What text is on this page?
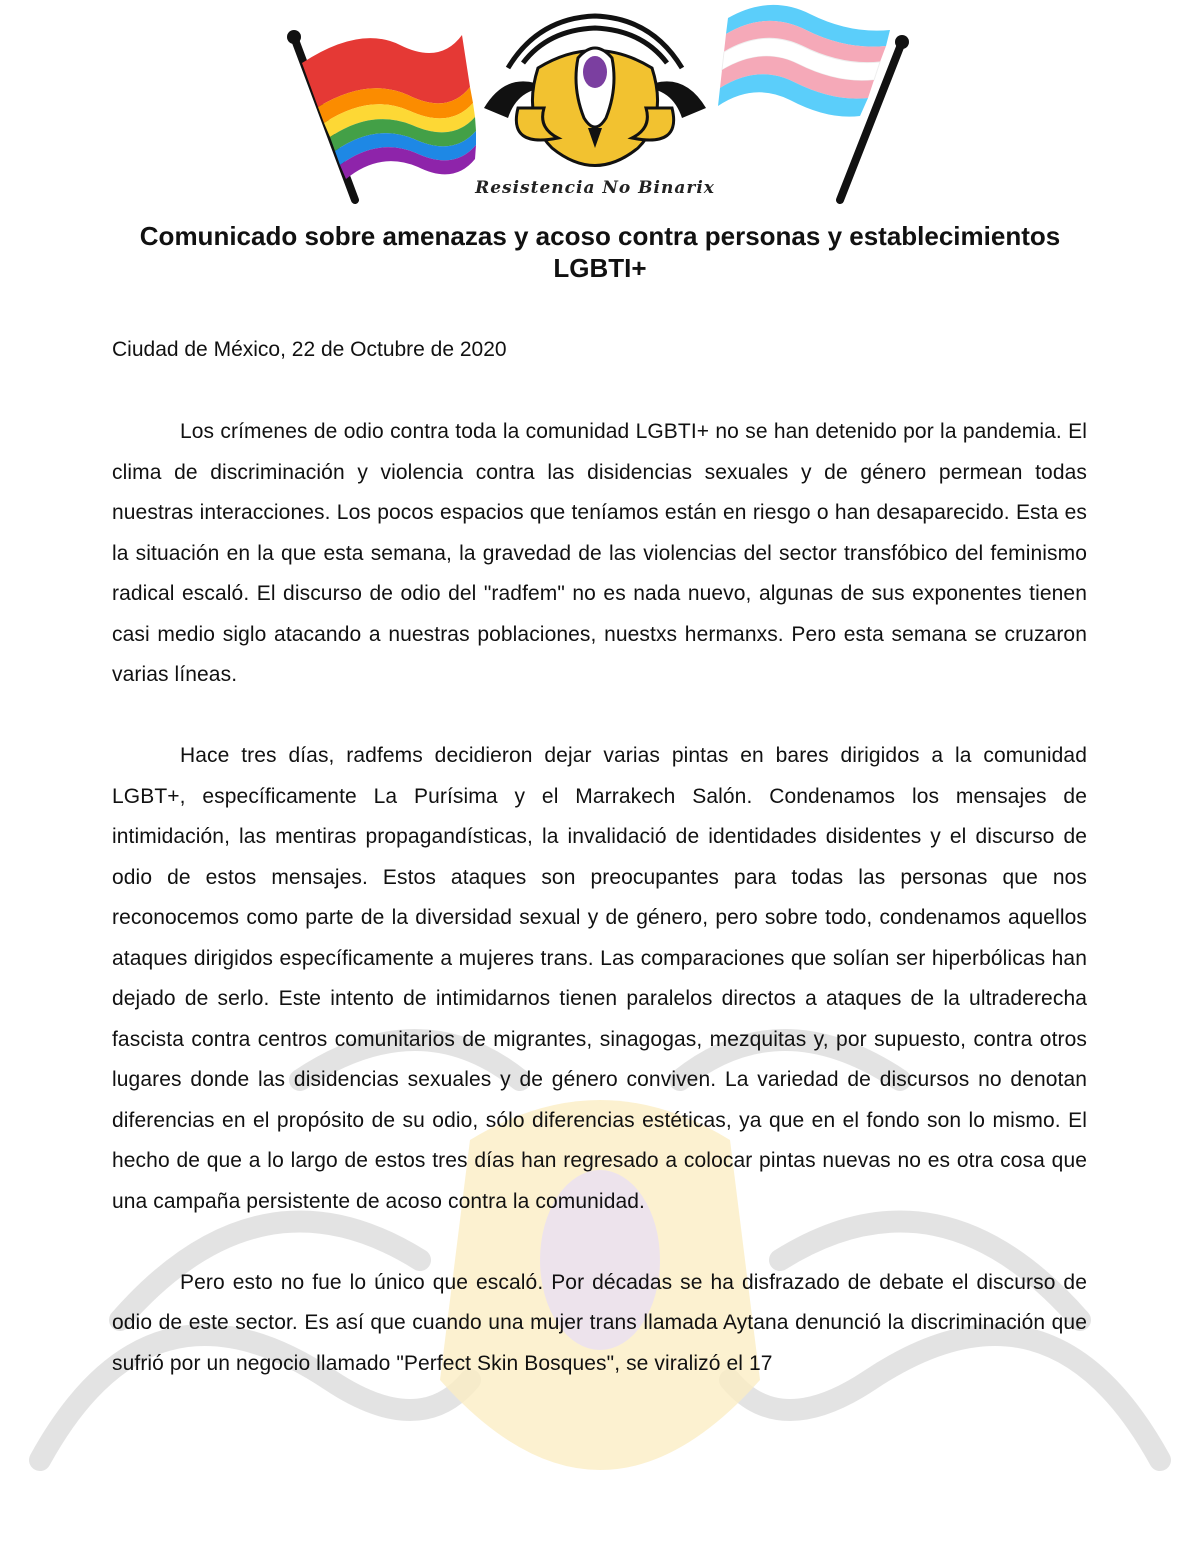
Resistencia No Binarix
Comunicado sobre amenazas y acoso contra personas y establecimientos LGBTI+

Ciudad de México, 22 de Octubre de 2020

Los crímenes de odio contra toda la comunidad LGBTI+ no se han detenido por la pandemia. El clima de discriminación y violencia contra las disidencias sexuales y de género permean todas nuestras interacciones. Los pocos espacios que teníamos están en riesgo o han desaparecido. Esta es la situación en la que esta semana, la gravedad de las violencias del sector transfóbico del feminismo radical escaló. El discurso de odio del "radfem" no es nada nuevo, algunas de sus exponentes tienen casi medio siglo atacando a nuestras poblaciones, nuestxs hermanxs. Pero esta semana se cruzaron varias líneas.

Hace tres días, radfems decidieron dejar varias pintas en bares dirigidos a la comunidad LGBT+, específicamente La Purísima y el Marrakech Salón. Condenamos los mensajes de intimidación, las mentiras propagandísticas, la invalidació de identidades disidentes y el discurso de odio de estos mensajes. Estos ataques son preocupantes para todas las personas que nos reconocemos como parte de la diversidad sexual y de género, pero sobre todo, condenamos aquellos ataques dirigidos específicamente a mujeres trans. Las comparaciones que solían ser hiperbólicas han dejado de serlo. Este intento de intimidarnos tienen paralelos directos a ataques de la ultraderecha fascista contra centros comunitarios de migrantes, sinagogas, mezquitas y, por supuesto, contra otros lugares donde las disidencias sexuales y de género conviven. La variedad de discursos no denotan diferencias en el propósito de su odio, sólo diferencias estéticas, ya que en el fondo son lo mismo. El hecho de que a lo largo de estos tres días han regresado a colocar pintas nuevas no es otra cosa que una campaña persistente de acoso contra la comunidad.

Pero esto no fue lo único que escaló. Por décadas se ha disfrazado de debate el discurso de odio de este sector. Es así que cuando una mujer trans llamada Aytana denunció la discriminación que sufrió por un negocio llamado "Perfect Skin Bosques", se viralizó el 17
